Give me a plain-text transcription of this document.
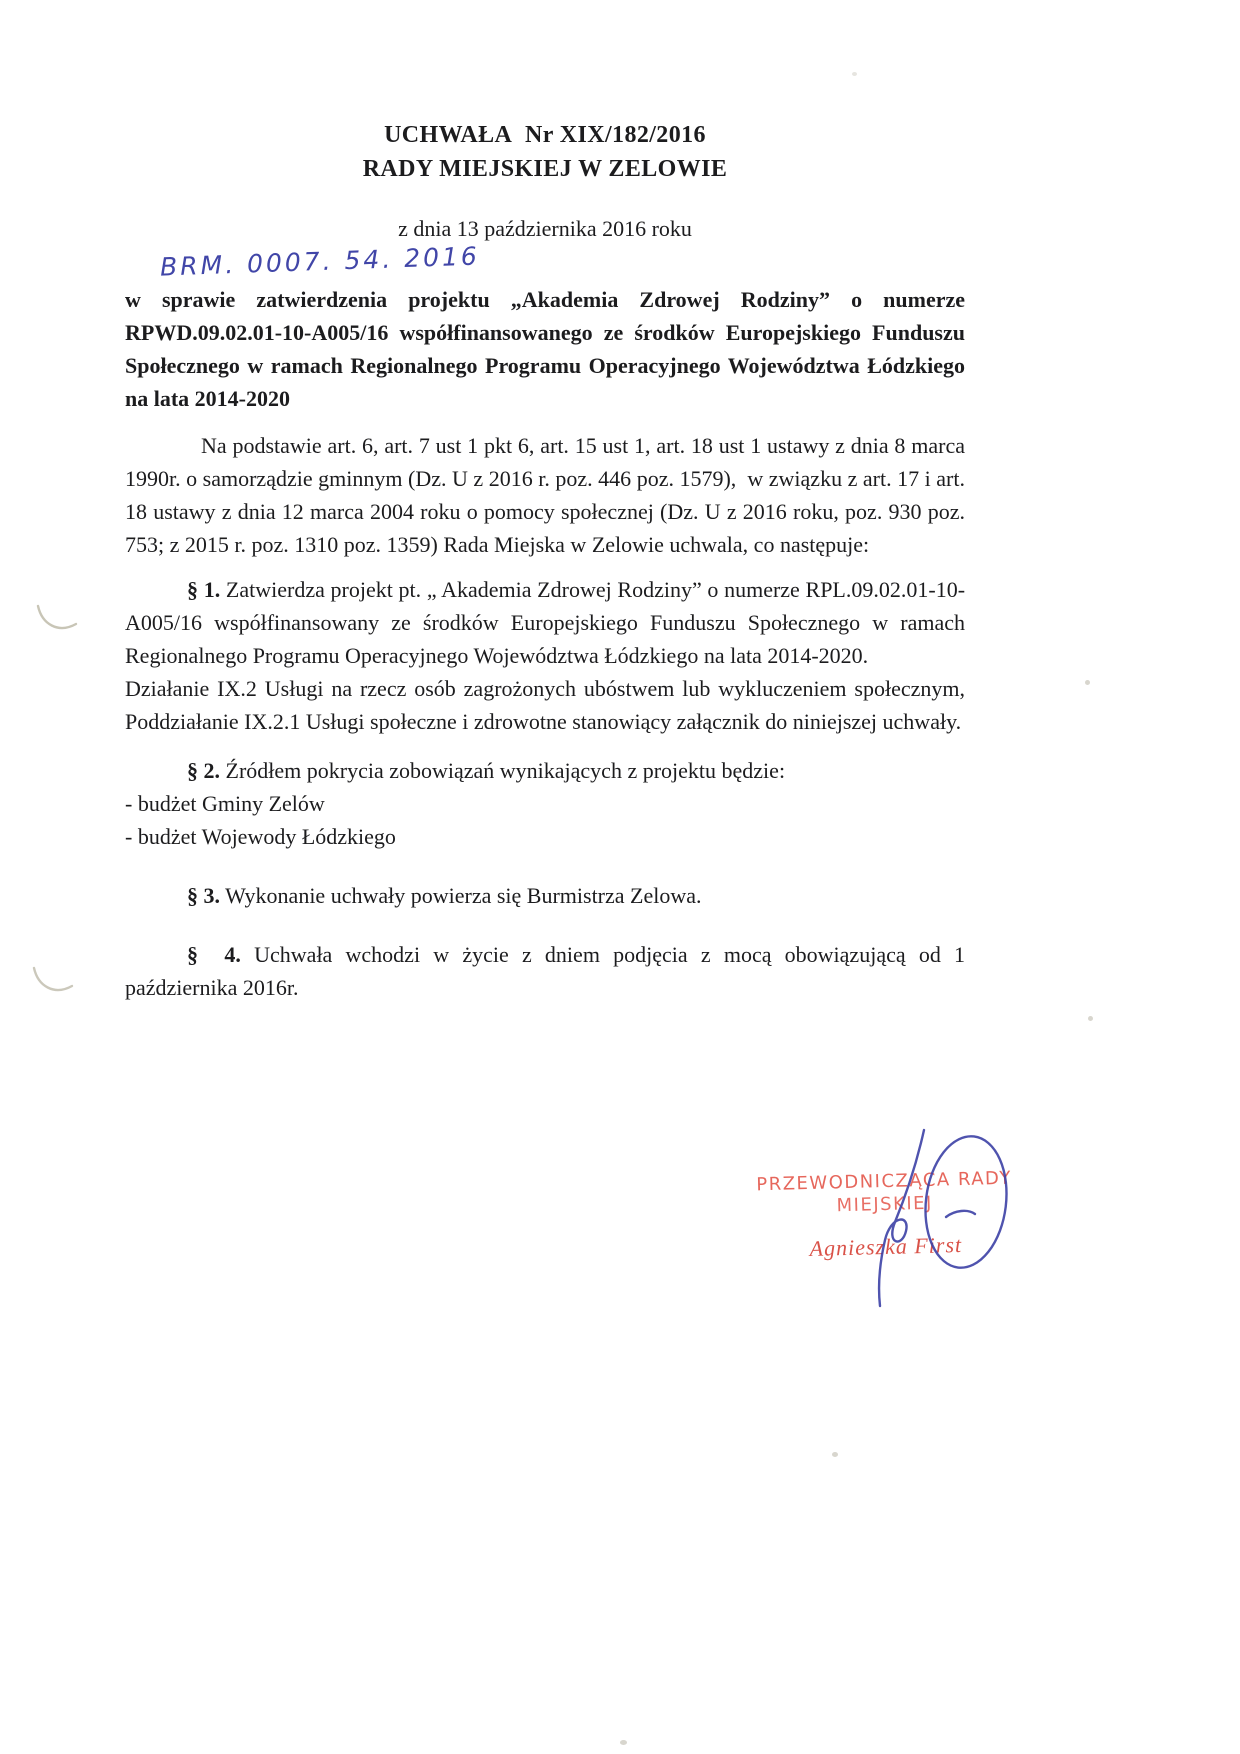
UCHWAŁA  Nr XIX/182/2016
RADY MIEJSKIEJ W ZELOWIE

z dnia 13 października 2016 roku

w sprawie zatwierdzenia projektu „Akademia Zdrowej Rodziny” o numerze RPWD.09.02.01-10-A005/16 współfinansowanego ze środków Europejskiego Funduszu Społecznego w ramach Regionalnego Programu Operacyjnego Województwa Łódzkiego na lata 2014-2020

Na podstawie art. 6, art. 7 ust 1 pkt 6, art. 15 ust 1, art. 18 ust 1 ustawy z dnia 8 marca 1990r. o samorządzie gminnym (Dz. U z 2016 r. poz. 446 poz. 1579),  w związku z art. 17 i art. 18 ustawy z dnia 12 marca 2004 roku o pomocy społecznej (Dz. U z 2016 roku, poz. 930 poz. 753; z 2015 r. poz. 1310 poz. 1359) Rada Miejska w Zelowie uchwala, co następuje:

§ 1. Zatwierdza projekt pt. „ Akademia Zdrowej Rodziny” o numerze RPL.09.02.01-10-A005/16 współfinansowany ze środków Europejskiego Funduszu Społecznego w ramach Regionalnego Programu Operacyjnego Województwa Łódzkiego na lata 2014-2020.

Działanie IX.2 Usługi na rzecz osób zagrożonych ubóstwem lub wykluczeniem społecznym, Poddziałanie IX.2.1 Usługi społeczne i zdrowotne stanowiący załącznik do niniejszej uchwały.

§ 2. Źródłem pokrycia zobowiązań wynikających z projektu będzie:

- budżet Gminy Zelów
- budżet Wojewody Łódzkiego

§ 3. Wykonanie uchwały powierza się Burmistrza Zelowa.

§  4. Uchwała wchodzi w życie z dniem podjęcia z mocą obowiązującą od 1 października 2016r.

BRM. 0007. 54. 2016
PRZEWODNICZĄCA RADY
MIEJSKIEJ
Agnieszka First
